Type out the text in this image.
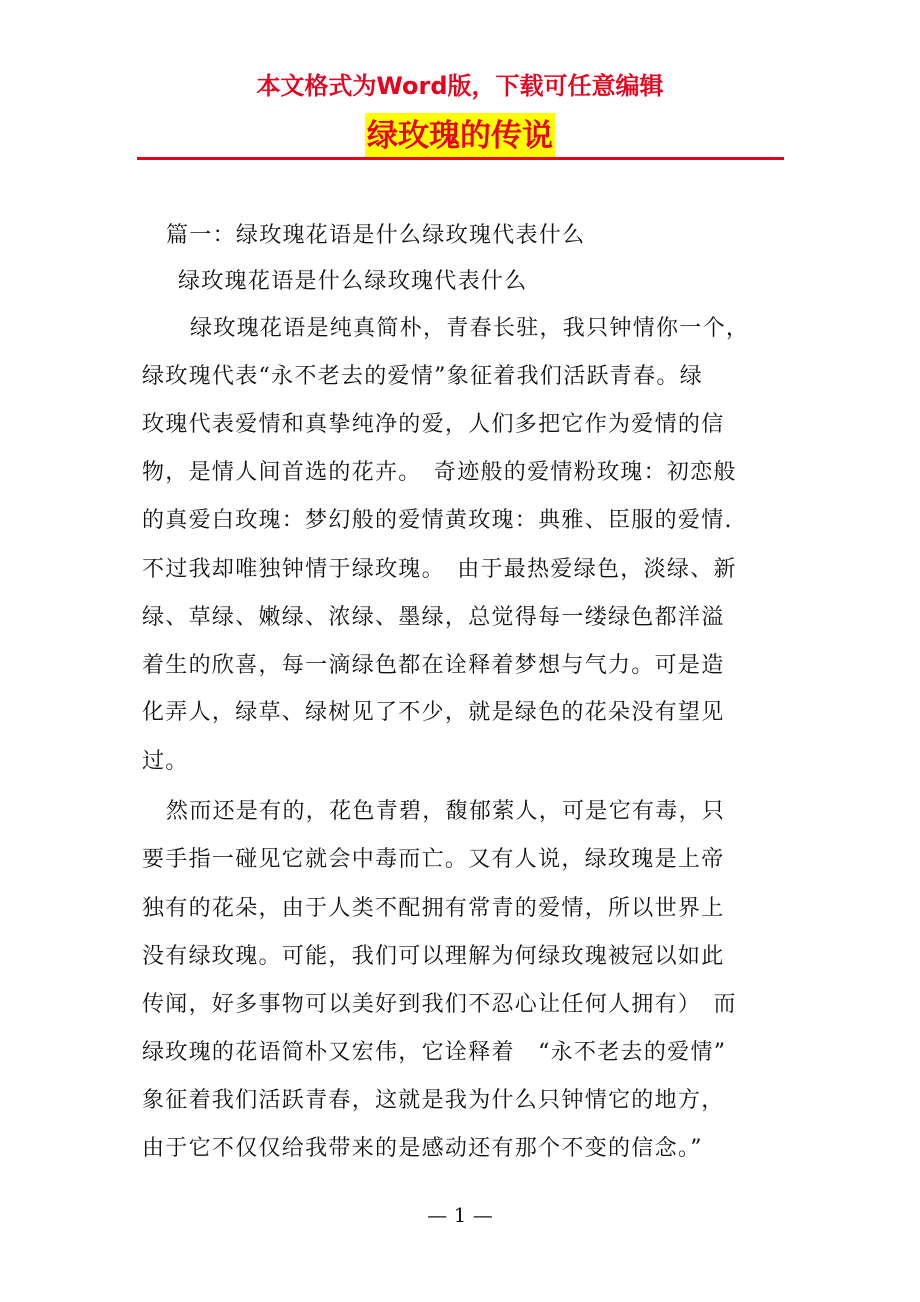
本文格式为Word版，下载可任意编辑
绿玫瑰的传说
篇一：绿玫瑰花语是什么绿玫瑰代表什么
绿玫瑰花语是什么绿玫瑰代表什么
绿玫瑰花语是纯真简朴，青春长驻，我只钟情你一个，
绿玫瑰代表“永不老去的爱情”象征着我们活跃青春。绿
玫瑰代表爱情和真挚纯净的爱，人们多把它作为爱情的信
物，是情人间首选的花卉。　奇迹般的爱情粉玫瑰：初恋般
的真爱白玫瑰：梦幻般的爱情黄玫瑰：典雅、臣服的爱情.
不过我却唯独钟情于绿玫瑰。　由于最热爱绿色，淡绿、新
绿、草绿、嫩绿、浓绿、墨绿，总觉得每一缕绿色都洋溢
着生的欣喜，每一滴绿色都在诠释着梦想与气力。可是造
化弄人，绿草、绿树见了不少，就是绿色的花朵没有望见
过。
然而还是有的，花色青碧，馥郁萦人，可是它有毒，只
要手指一碰见它就会中毒而亡。又有人说，绿玫瑰是上帝
独有的花朵，由于人类不配拥有常青的爱情，所以世界上
没有绿玫瑰。可能，我们可以理解为何绿玫瑰被冠以如此
传闻，好多事物可以美好到我们不忍心让任何人拥有）　而
绿玫瑰的花语简朴又宏伟，它诠释着　“永不老去的爱情”
象征着我们活跃青春，这就是我为什么只钟情它的地方，
由于它不仅仅给我带来的是感动还有那个不变的信念。”
— 1 —
